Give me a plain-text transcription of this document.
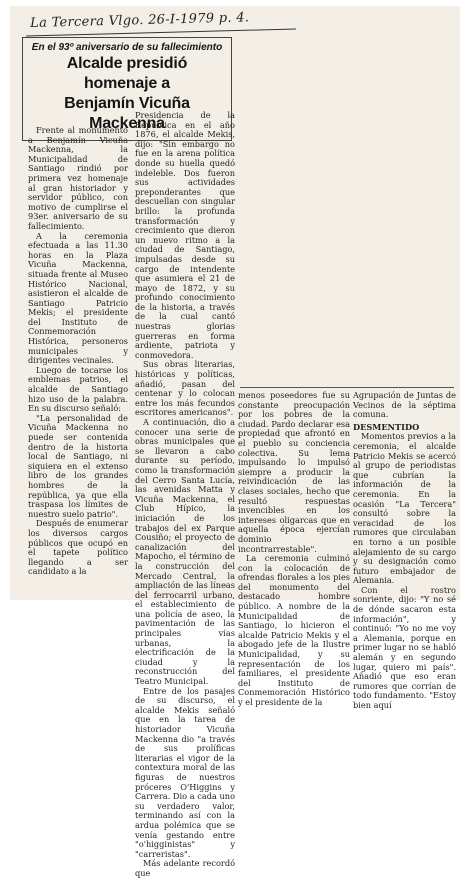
La Tercera Vlgo. 26-I-1979 p. 4.
En el 93º aniversario de su fallecimiento
Alcalde presidió homenaje a
Benjamín Vicuña Mackenna

Frente al monumento a Benjamín Vicuña Mackenna, la Municipalidad de Santiago rindió por primera vez homenaje al gran historiador y servidor público, con motivo de cumplirse el 93er. aniversario de su fallecimiento.

A la ceremonia efectuada a las 11.30 horas en la Plaza Vicuña Mackenna, situada frente al Museo Histórico Nacional, asistieron el alcalde de Santiago Patricio Mekis; el presidente del Instituto de Conmemoración Histórica, personeros municipales y dirigentes vecinales.

Luego de tocarse los emblemas patrios, el alcalde de Santiago hizo uso de la palabra. En su discurso señaló:

"La personalidad de Vicuña Mackenna no puede ser contenida dentro de la historia local de Santiago, ni siquiera en el extenso libro de los grandes hombres de la república, ya que ella traspasa los límites de nuestro suelo patrio".

Después de enumerar los diversos cargos públicos que ocupó en el tapete político llegando a ser candidato a la

Presidencia de la República en el año 1876, el alcalde Mekis, dijo: "Sin embargo no fue en la arena política donde su huella quedó indeleble. Dos fueron sus actividades preponderantes que descuellan con singular brillo: la profunda transformación y crecimiento que dieron un nuevo ritmo a la ciudad de Santiago, impulsadas desde su cargo de intendente que asumiera el 21 de mayo de 1872, y su profundo conocimiento de la historia, a través de la cual cantó nuestras glorias guerreras en forma ardiente, patriota y conmovedora.

Sus obras literarias, históricas y políticas, añadió, pasan del centenar y lo colocan entre los más fecundos escritores americanos".

A continuación, dio a conocer una serie de obras municipales que se llevaron a cabo durante su período, como la transformación del Cerro Santa Lucía, las avenidas Matta y Vicuña Mackenna, el Club Hípico, la iniciación de los trabajos del ex Parque Cousiño; el proyecto de canalización del Mapocho, el término de la construcción del Mercado Central, la ampliación de las líneas del ferrocarril urbano, el establecimiento de una policía de aseo, la pavimentación de las principales vías urbanas, la electrificación de la ciudad y la reconstrucción del Teatro Municipal.

Entre de los pasajes de su discurso, el alcalde Mekis señaló que en la tarea de historiador Vicuña Mackenna dio "a través de sus prolíficas literarias el vigor de la contextura moral de las figuras de nuestros próceres O'Higgins y Carrera. Dio a cada uno su verdadero valor, terminando así con la ardua polémica que se venía gestando entre "o'higginistas" y "carreristas".

Más adelante recordó que

menos poseedores fue su constante preocupación por los pobres de la ciudad. Pardo declarar esa propiedad que afrontó en el pueblo su conciencia colectiva. Su lema impulsando lo impulsó siempre a producir la reivindicación de las clases sociales, hecho que resultó respuestas invencibles en los intereses oligarcas que en aquella época ejercían dominio incontrarrestable".

La ceremonia culminó con la colocación de ofrendas florales a los pies del monumento del destacado hombre público. A nombre de la Municipalidad de Santiago, lo hicieron el alcalde Patricio Mekis y el abogado jefe de la Ilustre Municipalidad, y su representación de los familiares, el presidente del Instituto de Conmemoración Histórico y el presidente de la

Agrupación de Juntas de Vecinos de la séptima comuna.

DESMENTIDO

Momentos previos a la ceremonia, el alcalde Patricio Mekis se acercó al grupo de periodistas que cubrían la información de la ceremonia. En la ocasión "La Tercera" consultó sobre la veracidad de los rumores que circulaban en torno a un posible alejamiento de su cargo y su designación como futuro embajador de Alemania.

Con el rostro sonriente, dijo: "Y no sé de dónde sacaron esta información", y continuó: "Yo no me voy a Alemania, porque en primer lugar no se habló alemán y en segundo lugar, quiero mi país". Añadió que eso eran rumores que corrían de todo fundamento. "Estoy bien aquí
